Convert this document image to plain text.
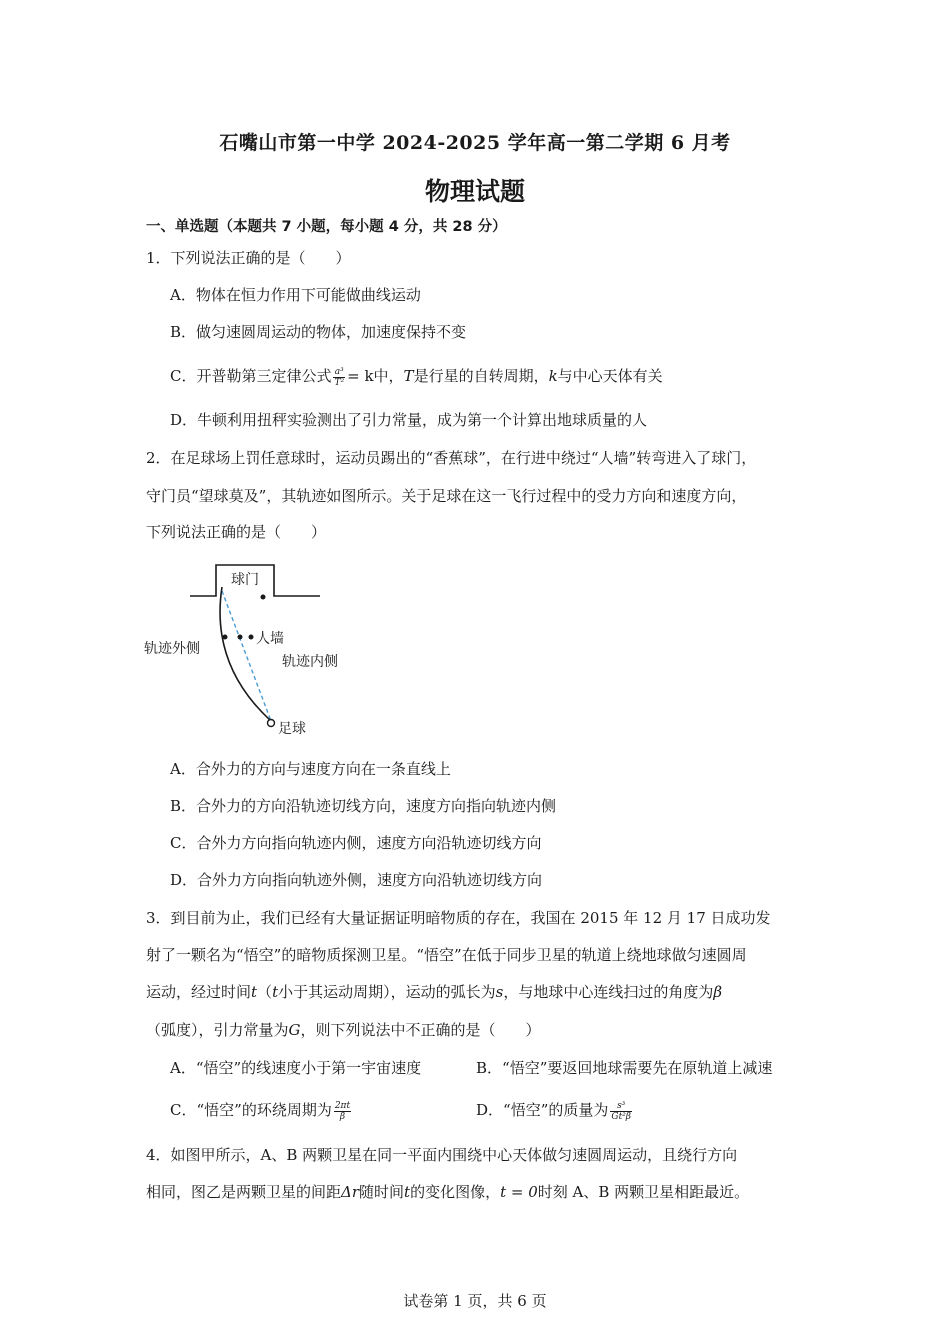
石嘴山市第一中学 2024-2025 学年高一第二学期 6 月考
物理试题
一、单选题（本题共 7 小题，每小题 4 分，共 28 分）
1．下列说法正确的是（　　）
A．物体在恒力作用下可能做曲线运动
B．做匀速圆周运动的物体，加速度保持不变
C．开普勒第三定律公式 $\frac{\text{a³}}{\text{T²}} = k$中，T是行星的自转周期，k与中心天体有关
D．牛顿利用扭秤实验测出了引力常量，成为第一个计算出地球质量的人
2．在足球场上罚任意球时，运动员踢出的“香蕉球”，在行进中绕过“人墙”转弯进入了球门，
守门员“望球莫及”，其轨迹如图所示。关于足球在这一飞行过程中的受力方向和速度方向，
下列说法正确的是（　　）
球门
人墙
轨迹外侧
轨迹内侧
足球
A．合外力的方向与速度方向在一条直线上
B．合外力的方向沿轨迹切线方向，速度方向指向轨迹内侧
C．合外力方向指向轨迹内侧，速度方向沿轨迹切线方向
D．合外力方向指向轨迹外侧，速度方向沿轨迹切线方向
3．到目前为止，我们已经有大量证据证明暗物质的存在，我国在 2015 年 12 月 17 日成功发
射了一颗名为“悟空”的暗物质探测卫星。“悟空”在低于同步卫星的轨道上绕地球做匀速圆周
运动，经过时间t（t小于其运动周期），运动的弧长为s，与地球中心连线扫过的角度为β
（弧度），引力常量为G，则下列说法中不正确的是（　　）
A．“悟空”的线速度小于第一宇宙速度	B．“悟空”要返回地球需要先在原轨道上减速
C．“悟空”的环绕周期为 $\frac{2\pi t}{\beta}$	D．“悟空”的质量为 $\frac{\text{s³}}{\text{Gt²β}}$
4．如图甲所示，A、B 两颗卫星在同一平面内围绕中心天体做匀速圆周运动，且绕行方向
相同，图乙是两颗卫星的间距Δr随时间t的变化图像，t = 0时刻 A、B 两颗卫星相距最近。
试卷第 1 页，共 6 页
